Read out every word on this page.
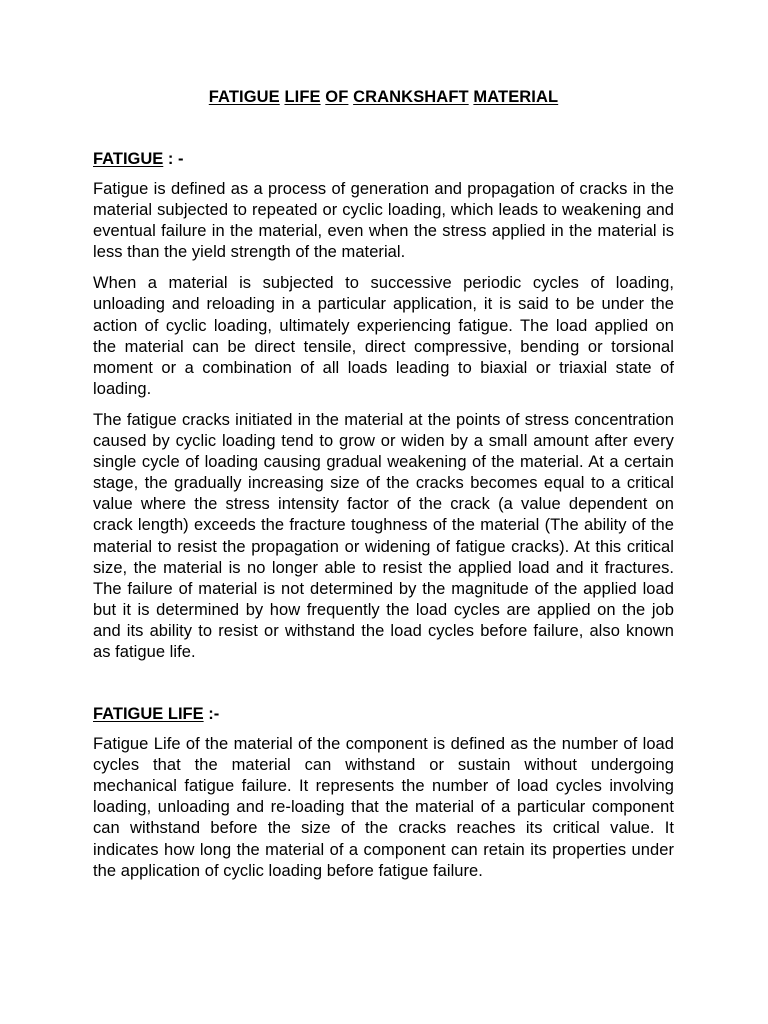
FATIGUE LIFE OF CRANKSHAFT MATERIAL
FATIGUE : -

Fatigue is defined as a process of generation and propagation of cracks in the material subjected to repeated or cyclic loading, which leads to weakening and eventual failure in the material, even when the stress applied in the material is less than the yield strength of the material.

When a material is subjected to successive periodic cycles of loading, unloading and reloading in a particular application, it is said to be under the action of cyclic loading, ultimately experiencing fatigue. The load applied on the material can be direct tensile, direct compressive, bending or torsional moment or a combination of all loads leading to biaxial or triaxial state of loading.

The fatigue cracks initiated in the material at the points of stress concentration caused by cyclic loading tend to grow or widen by a small amount after every single cycle of loading causing gradual weakening of the material. At a certain stage, the gradually increasing size of the cracks becomes equal to a critical value where the stress intensity factor of the crack (a value dependent on crack length) exceeds the fracture toughness of the material (The ability of the material to resist the propagation or widening of fatigue cracks). At this critical size, the material is no longer able to resist the applied load and it fractures. The failure of material is not determined by the magnitude of the applied load but it is determined by how frequently the load cycles are applied on the job and its ability to resist or withstand the load cycles before failure, also known as fatigue life.

FATIGUE LIFE :-

Fatigue Life of the material of the component is defined as the number of load cycles that the material can withstand or sustain without undergoing mechanical fatigue failure. It represents the number of load cycles involving loading, unloading and re-loading that the material of a particular component can withstand before the size of the cracks reaches its critical value. It indicates how long the material of a component can retain its properties under the application of cyclic loading before fatigue failure.
